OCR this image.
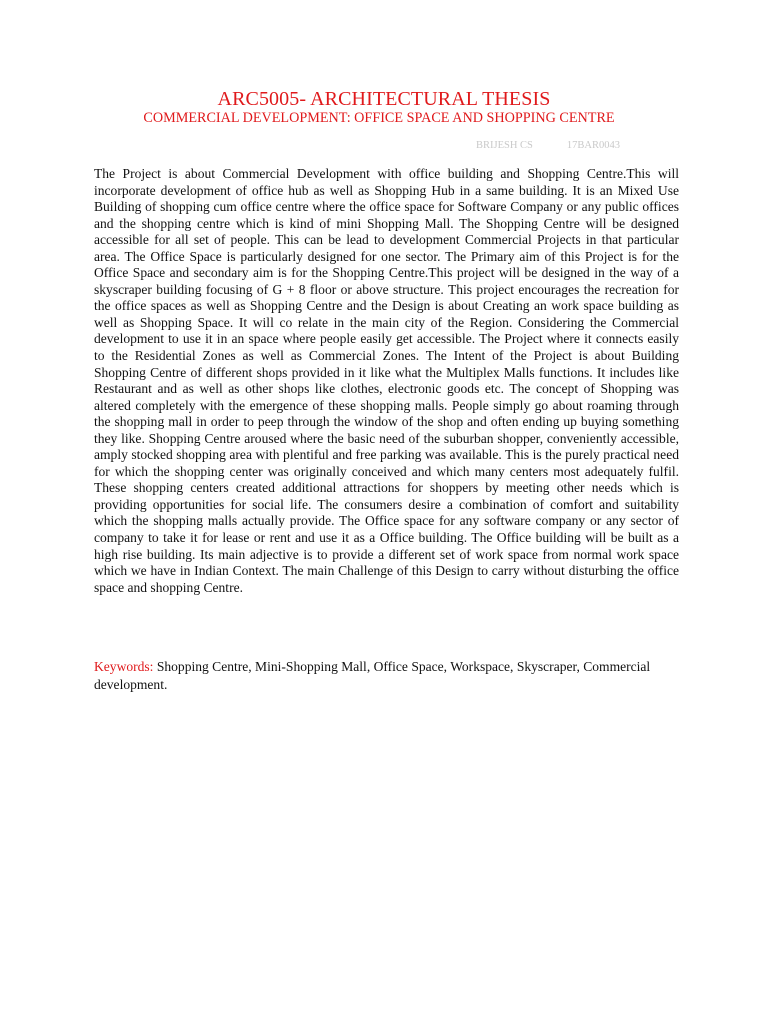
ARC5005- ARCHITECTURAL THESIS
COMMERCIAL DEVELOPMENT: OFFICE SPACE AND SHOPPING CENTRE
BRIJESH CS	17BAR0043

The Project is about Commercial Development with office building and Shopping Centre.This will incorporate development of office hub as well as Shopping Hub in a same building. It is an Mixed Use Building of shopping cum office centre where the office space for Software Company or any public offices and the shopping centre which is kind of mini Shopping Mall. The Shopping Centre will be designed accessible for all set of people. This can be lead to development Commercial Projects in that particular area. The Office Space is particularly designed for one sector. The Primary aim of this Project is for the Office Space and secondary aim is for the Shopping Centre.This project will be designed in the way of a skyscraper building focusing of G + 8 floor or above structure. This project encourages the recreation for the office spaces as well as Shopping Centre and the Design is about Creating an work space building as well as Shopping Space. It will co relate in the main city of the Region. Considering the Commercial development to use it in an space where people easily get accessible. The Project where it connects easily to the Residential Zones as well as Commercial Zones. The Intent of the Project is about Building Shopping Centre of different shops provided in it like what the Multiplex Malls functions. It includes like Restaurant and as well as other shops like clothes, electronic goods etc. The concept of Shopping was altered completely with the emergence of these shopping malls. People simply go about roaming through the shopping mall in order to peep through the window of the shop and often ending up buying something they like. Shopping Centre aroused where the basic need of the suburban shopper, conveniently accessible, amply stocked shopping area with plentiful and free parking was available. This is the purely practical need for which the shopping center was originally conceived and which many centers most adequately fulfil. These shopping centers created additional attractions for shoppers by meeting other needs which is providing opportunities for social life. The consumers desire a combination of comfort and suitability which the shopping malls actually provide. The Office space for any software company or any sector of company to take it for lease or rent and use it as a Office building. The Office building will be built as a high rise building. Its main adjective is to provide a different set of work space from normal work space which we have in Indian Context. The main Challenge of this Design to carry without disturbing the office space and shopping Centre.

Keywords: Shopping Centre, Mini-Shopping Mall, Office Space, Workspace, Skyscraper, Commercial development.
